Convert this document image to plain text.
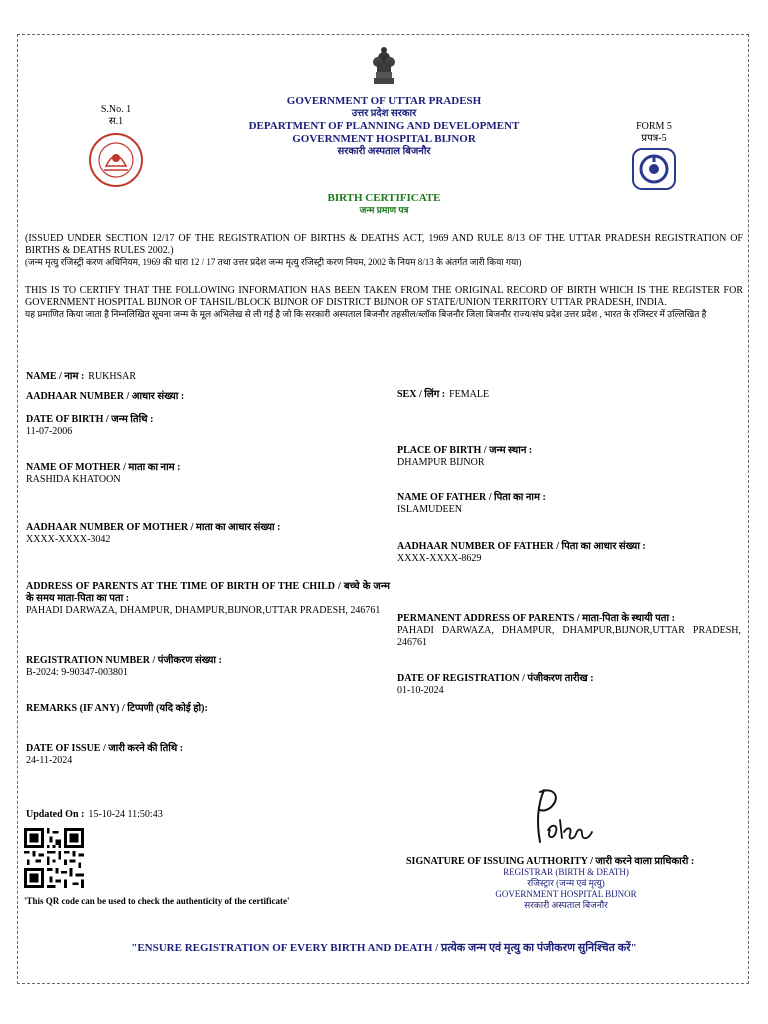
S.No. 1
स.1
GOVERNMENT OF UTTAR PRADESH
उत्तर प्रदेश सरकार
DEPARTMENT OF PLANNING AND DEVELOPMENT
GOVERNMENT HOSPITAL BIJNOR
सरकारी अस्पताल बिजनौर
FORM 5
प्रपत्र-5
BIRTH CERTIFICATE
जन्म प्रमाण पत्र
(ISSUED UNDER SECTION 12/17 OF THE REGISTRATION OF BIRTHS & DEATHS ACT, 1969 AND RULE 8/13 OF THE UTTAR PRADESH REGISTRATION OF BIRTHS & DEATHS RULES 2002.)
(जन्म मृत्यु रजिस्ट्री करण अधिनियम, 1969 की धारा 12 / 17 तथा उत्तर प्रदेश जन्म मृत्यु रजिस्ट्री करण नियम, 2002 के नियम 8/13 के अंतर्गत जारी किया गया)
THIS IS TO CERTIFY THAT THE FOLLOWING INFORMATION HAS BEEN TAKEN FROM THE ORIGINAL RECORD OF BIRTH WHICH IS THE REGISTER FOR GOVERNMENT HOSPITAL BIJNOR OF TAHSIL/BLOCK BIJNOR OF DISTRICT BIJNOR OF STATE/UNION TERRITORY UTTAR PRADESH, INDIA.
यह प्रमाणित किया जाता है निम्नलिखित सूचना जन्म के मूल अभिलेख से ली गई है जो कि सरकारी अस्पताल बिजनौर तहसील/ब्लॉक बिजनौर जिला बिजनौर राज्य/संघ प्रदेश उत्तर प्रदेश , भारत के रजिस्टर में उल्लिखित है
NAME / नाम : RUKHSAR
AADHAAR NUMBER / आधार संख्या :
DATE OF BIRTH / जन्म तिथि :
11-07-2006
NAME OF MOTHER / माता का नाम :
RASHIDA KHATOON
AADHAAR NUMBER OF MOTHER / माता का आधार संख्या :
XXXX-XXXX-3042
ADDRESS OF PARENTS AT THE TIME OF BIRTH OF THE CHILD / बच्चे के जन्म के समय माता-पिता का पता :
PAHADI DARWAZA, DHAMPUR, DHAMPUR,BIJNOR,UTTAR PRADESH, 246761
REGISTRATION NUMBER / पंजीकरण संख्या :
B-2024: 9-90347-003801
REMARKS (IF ANY) / टिप्पणी (यदि कोई हो):
DATE OF ISSUE / जारी करने की तिथि :
24-11-2024
Updated On : 15-10-24 11:50:43
SEX / लिंग : FEMALE
PLACE OF BIRTH / जन्म स्थान :
DHAMPUR BIJNOR
NAME OF FATHER / पिता का नाम :
ISLAMUDEEN
AADHAAR NUMBER OF FATHER / पिता का आधार संख्या :
XXXX-XXXX-8629
PERMANENT ADDRESS OF PARENTS / माता-पिता के स्थायी पता :
PAHADI DARWAZA, DHAMPUR, DHAMPUR,BIJNOR,UTTAR PRADESH, 246761
DATE OF REGISTRATION / पंजीकरण तारीख :
01-10-2024
'This QR code can be used to check the authenticity of the certificate'
SIGNATURE OF ISSUING AUTHORITY / जारी करने वाला प्राधिकारी :
REGISTRAR (BIRTH & DEATH)
रजिस्ट्रार (जन्म एवं मृत्यु)
GOVERNMENT HOSPITAL BIJNOR
सरकारी अस्पताल बिजनौर
"ENSURE REGISTRATION OF EVERY BIRTH AND DEATH / प्रत्येक जन्म एवं मृत्यु का पंजीकरण सुनिश्चित करें"
